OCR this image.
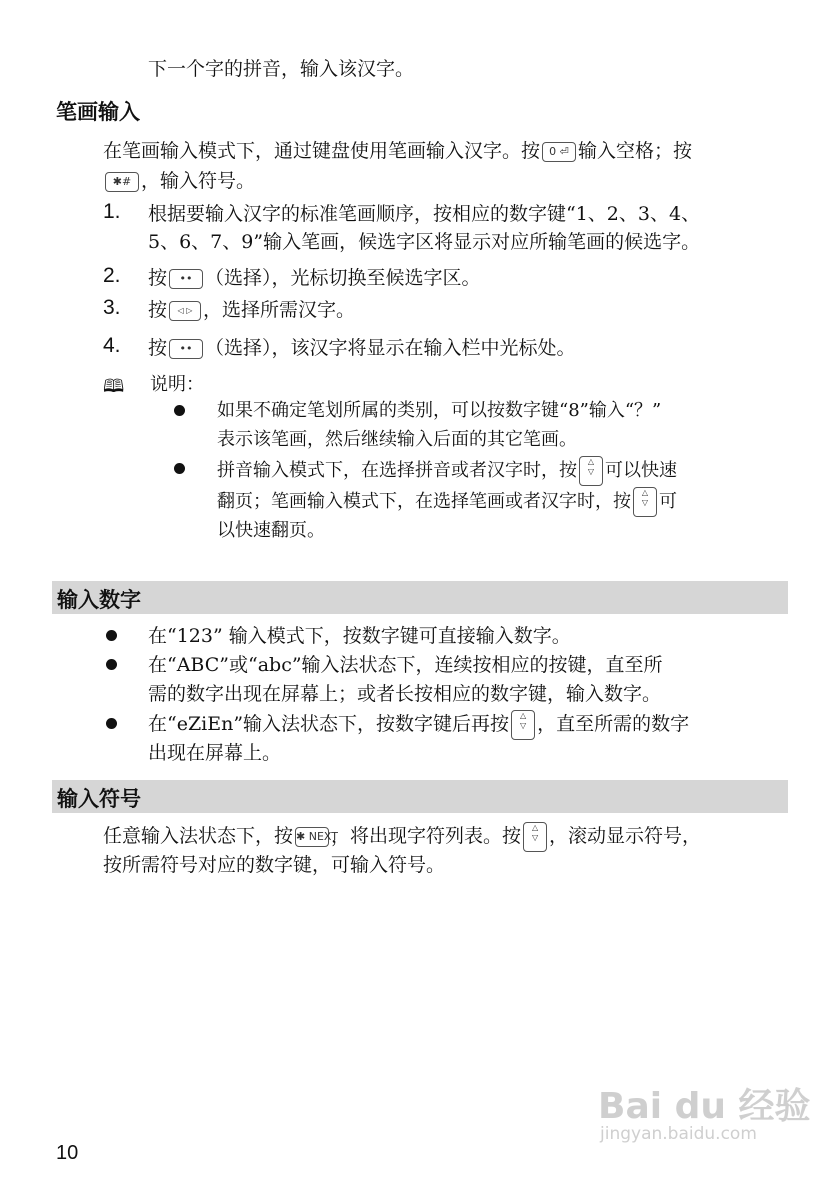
下一个字的拼音，输入该汉字。
笔画输入
在笔画输入模式下，通过键盘使用笔画输入汉字。按 0 ⏎ 输入空格；按
✱# ，输入符号。
1. 根据要输入汉字的标准笔画顺序，按相应的数字键“1、2、3、4、
5、6、7、9”输入笔画，候选字区将显示对应所输笔画的候选字。
2. 按 •• （选择），光标切换至候选字区。
3. 按 ◁ ▷ ，选择所需汉字。
4. 按 •• （选择），该汉字将显示在输入栏中光标处。
🕮 说明：
如果不确定笔划所属的类别，可以按数字键“8”输入“？”
表示该笔画，然后继续输入后面的其它笔画。
拼音输入模式下，在选择拼音或者汉字时，按 △
▽ 可以快速
翻页；笔画输入模式下，在选择笔画或者汉字时，按 △
▽ 可
以快速翻页。
输入数字
在“123” 输入模式下，按数字键可直接输入数字。
在“ABC”或“abc”输入法状态下，连续按相应的按键，直至所
需的数字出现在屏幕上；或者长按相应的数字键，输入数字。
在“eZiEn”输入法状态下，按数字键后再按 △
▽ ，直至所需的数字
出现在屏幕上。
输入符号
任意输入法状态下，按 ✱ NEXT，将出现字符列表。按 △
▽ ，滚动显示符号，
按所需符号对应的数字键，可输入符号。
Bai du 经验
jingyan.baidu.com
10
